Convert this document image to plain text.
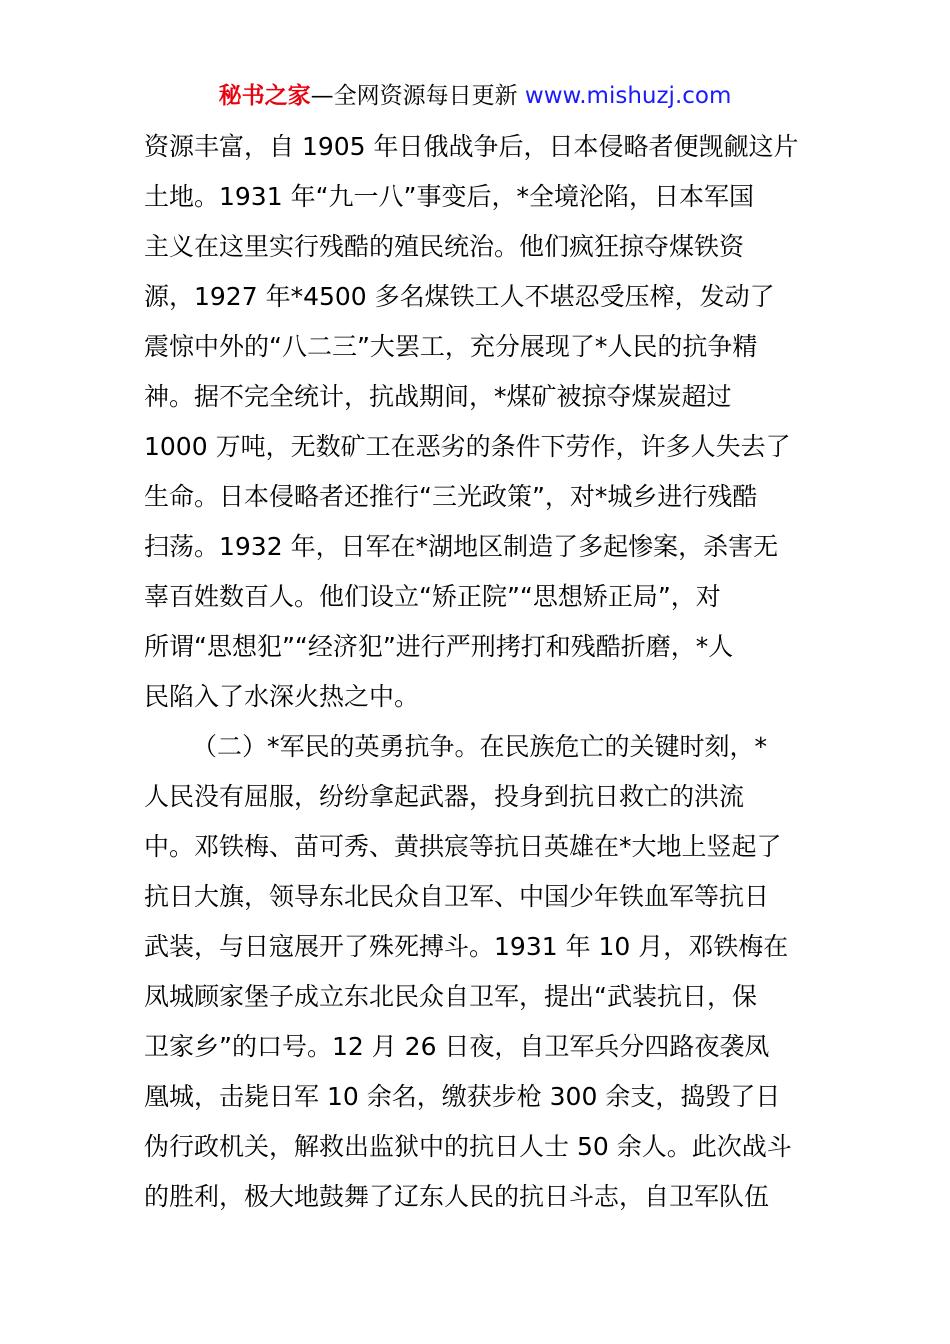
秘书之家—全网资源每日更新 www.mishuzj.com
资源丰富，自 1905 年日俄战争后，日本侵略者便觊觎这片
土地。1931 年“九一八”事变后，*全境沦陷，日本军国
主义在这里实行残酷的殖民统治。他们疯狂掠夺煤铁资
源，1927 年*4500 多名煤铁工人不堪忍受压榨，发动了
震惊中外的“八二三”大罢工，充分展现了*人民的抗争精
神。据不完全统计，抗战期间，*煤矿被掠夺煤炭超过
1000 万吨，无数矿工在恶劣的条件下劳作，许多人失去了
生命。日本侵略者还推行“三光政策”，对*城乡进行残酷
扫荡。1932 年，日军在*湖地区制造了多起惨案，杀害无
辜百姓数百人。他们设立“矫正院”“思想矫正局”，对
所谓“思想犯”“经济犯”进行严刑拷打和残酷折磨，*人
民陷入了水深火热之中。
（二）*军民的英勇抗争。在民族危亡的关键时刻，*
人民没有屈服，纷纷拿起武器，投身到抗日救亡的洪流
中。邓铁梅、苗可秀、黄拱宸等抗日英雄在*大地上竖起了
抗日大旗，领导东北民众自卫军、中国少年铁血军等抗日
武装，与日寇展开了殊死搏斗。1931 年 10 月，邓铁梅在
凤城顾家堡子成立东北民众自卫军，提出“武装抗日，保
卫家乡”的口号。12 月 26 日夜，自卫军兵分四路夜袭凤
凰城，击毙日军 10 余名，缴获步枪 300 余支，捣毁了日
伪行政机关，解救出监狱中的抗日人士 50 余人。此次战斗
的胜利，极大地鼓舞了辽东人民的抗日斗志，自卫军队伍
